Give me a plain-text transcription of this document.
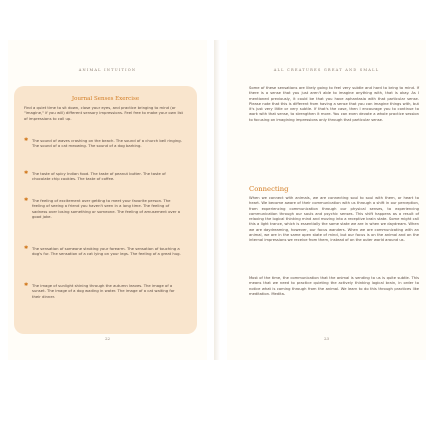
ANIMAL INTUITION
Journal Senses Exercise
Find a quiet time to sit down, close your eyes, and practice bringing to mind (or "imagine," if you will) different sensory impressions. Feel free to make your own list of impressions to call up.
✱ The sound of waves crashing on the beach. The sound of a church bell ringing. The sound of a cat meowing. The sound of a dog barking.
✱ The taste of spicy Indian food. The taste of peanut butter. The taste of chocolate chip cookies. The taste of coffee.
✱ The feeling of excitement over getting to meet your favorite person. The feeling of seeing a friend you haven't seen in a long time. The feeling of sadness over losing something or someone. The feeling of amusement over a good joke.
✱ The sensation of someone stroking your forearm. The sensation of touching a dog's fur. The sensation of a cat lying on your legs. The feeling of a great hug.
✱ The image of sunlight shining through the autumn leaves. The image of a sunset. The image of a dog wading in water. The image of a cat waiting for their dinner.
22
ALL CREATURES GREAT AND SMALL
Some of these sensations are likely going to feel very subtle and hard to bring to mind. If there is a sense that you just aren't able to imagine anything with, that is okay. As I mentioned previously, it could be that you have aphantasia with that particular sense. Please note that this is different from having a sense that you can imagine things with, but it's just very little or very subtle. If that's the case, then I encourage you to continue to work with that sense, to strengthen it more. You can even devote a whole practice session to focusing on imagining impressions only through that particular sense.
Connecting
When we connect with animals, we are connecting soul to soul with them, or heart to heart. We become aware of their communication with us through a shift in our perception, from experiencing communication through our physical senses, to experiencing communication through our souls and psychic senses. This shift happens as a result of relaxing the logical thinking mind and moving into a receptive brain state. Some might call this a light trance, which is essentially the same state we are in when we daydream. When we are daydreaming, however, our focus wanders. When we are communicating with an animal, we are in the same open state of mind, but our focus is on the animal and on the internal impressions we receive from them, instead of on the outer world around us.
Most of the time, the communication that the animal is sending to us is quite subtle. This means that we need to practice quieting the actively thinking logical brain, in order to notice what is coming through from the animal. We learn to do this through practices like meditation. Medita-
23
